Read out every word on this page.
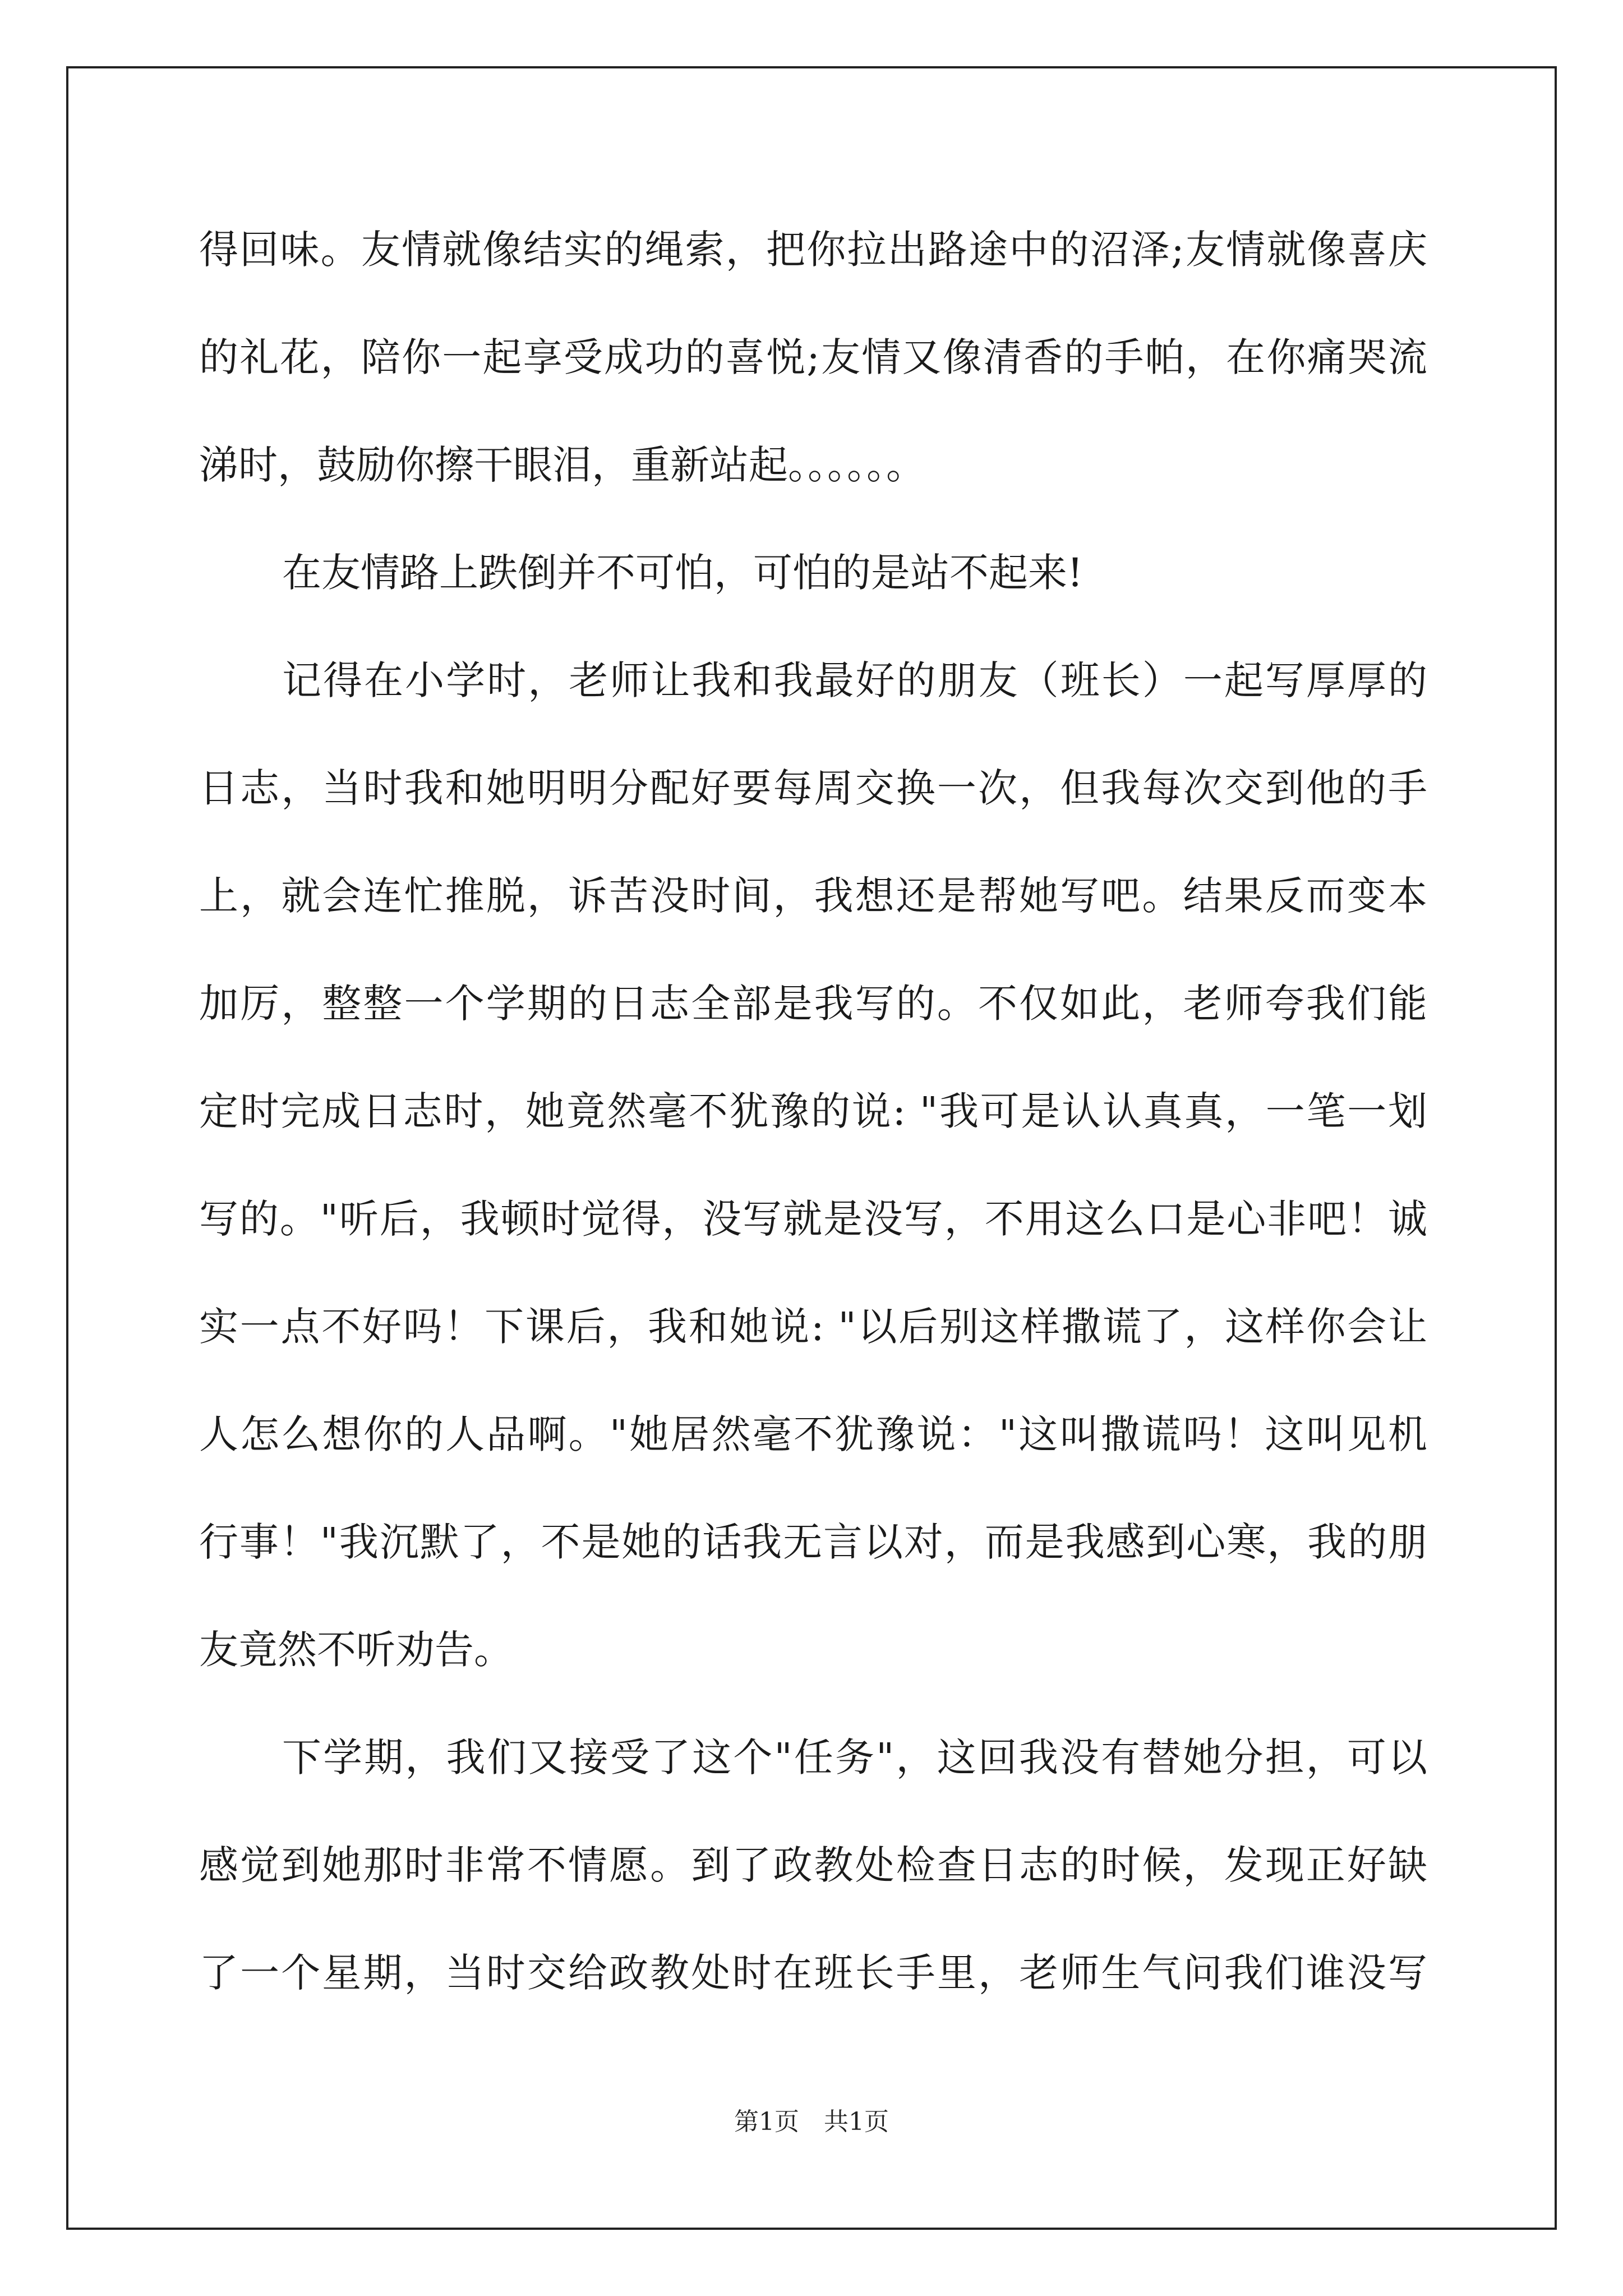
得回味。友情就像结实的绳索，把你拉出路途中的沼泽;友情就像喜庆
的礼花，陪你一起享受成功的喜悦;友情又像清香的手帕，在你痛哭流
涕时，鼓励你擦干眼泪，重新站起。。。。。。
在友情路上跌倒并不可怕，可怕的是站不起来!
记得在小学时，老师让我和我最好的朋友（班长）一起写厚厚的
日志，当时我和她明明分配好要每周交换一次，但我每次交到他的手
上，就会连忙推脱，诉苦没时间，我想还是帮她写吧。结果反而变本
加厉，整整一个学期的日志全部是我写的。不仅如此，老师夸我们能
定时完成日志时，她竟然毫不犹豫的说: "我可是认认真真，一笔一划
写的。"听后，我顿时觉得，没写就是没写，不用这么口是心非吧！诚
实一点不好吗！下课后，我和她说: "以后别这样撒谎了，这样你会让
人怎么想你的人品啊。"她居然毫不犹豫说："这叫撒谎吗！这叫见机
行事！"我沉默了，不是她的话我无言以对，而是我感到心寒，我的朋
友竟然不听劝告。
下学期，我们又接受了这个"任务"，这回我没有替她分担，可以
感觉到她那时非常不情愿。到了政教处检查日志的时候，发现正好缺
了一个星期，当时交给政教处时在班长手里，老师生气问我们谁没写
第1页　共1页
